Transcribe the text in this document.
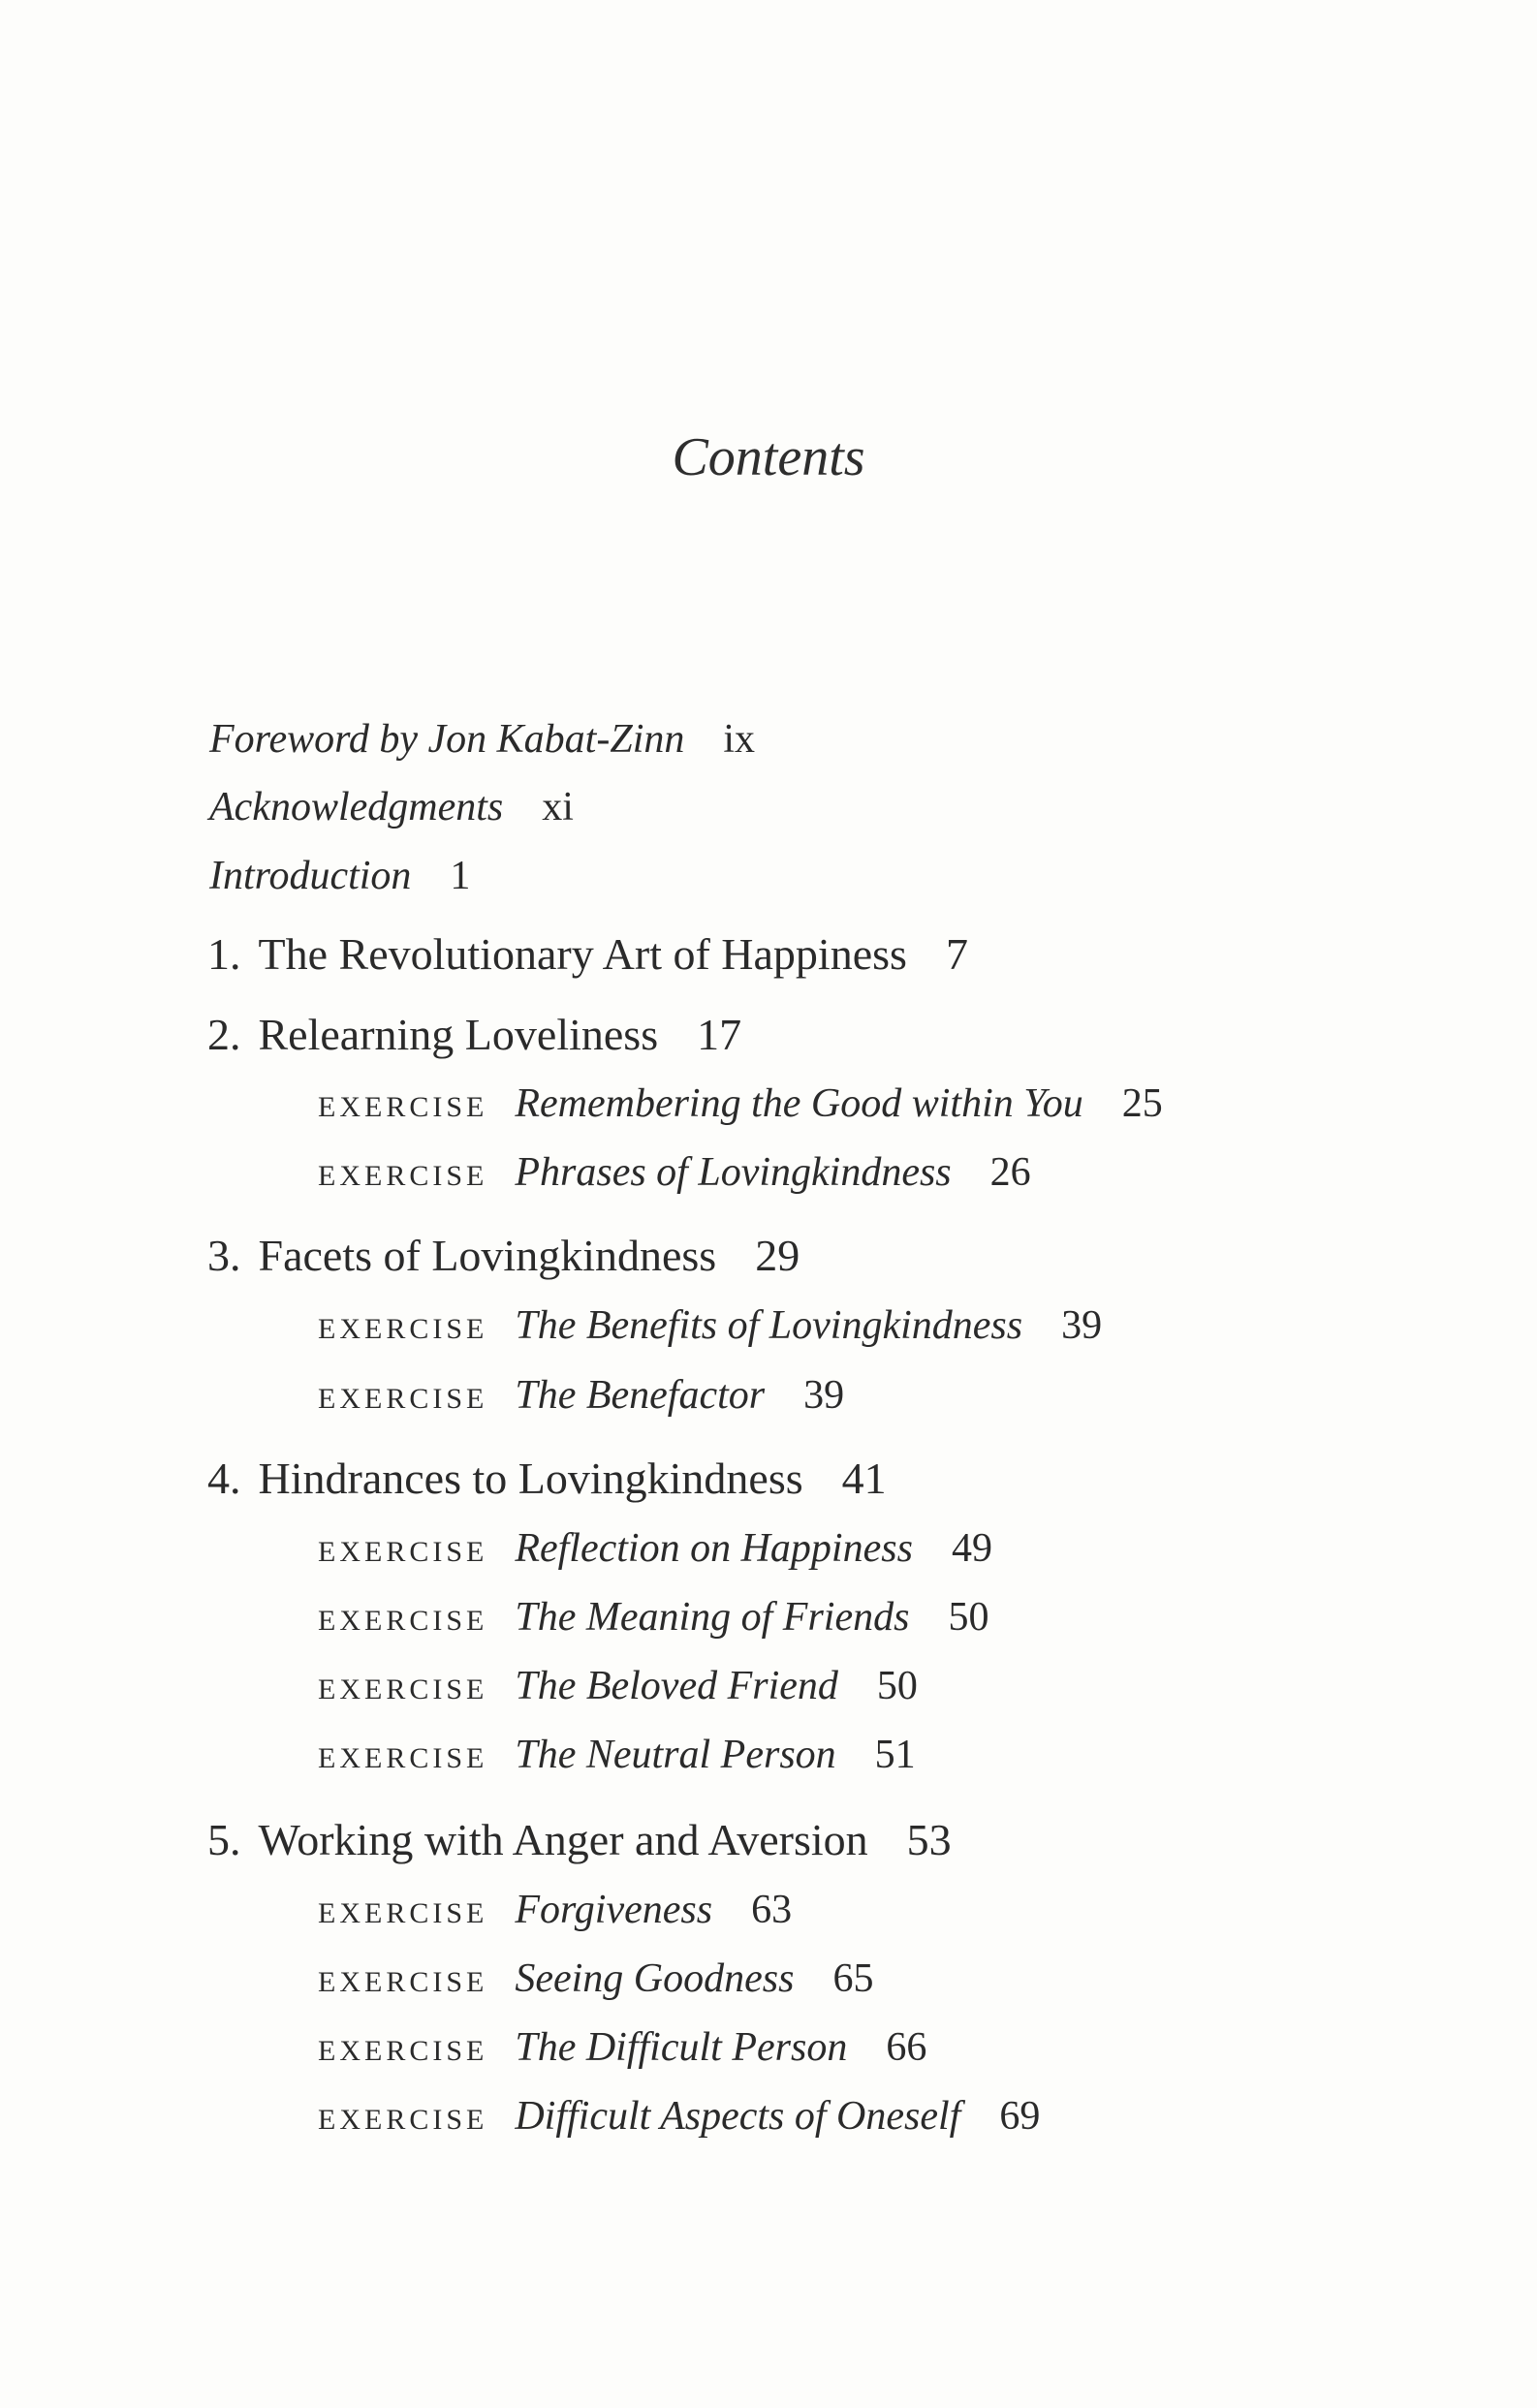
Contents
Foreword by Jon Kabat-Zinn ix
Acknowledgments xi
Introduction 1
1. The Revolutionary Art of Happiness 7
2. Relearning Loveliness 17
EXERCISE Remembering the Good within You 25
EXERCISE Phrases of Lovingkindness 26
3. Facets of Lovingkindness 29
EXERCISE The Benefits of Lovingkindness 39
EXERCISE The Benefactor 39
4. Hindrances to Lovingkindness 41
EXERCISE Reflection on Happiness 49
EXERCISE The Meaning of Friends 50
EXERCISE The Beloved Friend 50
EXERCISE The Neutral Person 51
5. Working with Anger and Aversion 53
EXERCISE Forgiveness 63
EXERCISE Seeing Goodness 65
EXERCISE The Difficult Person 66
EXERCISE Difficult Aspects of Oneself 69
